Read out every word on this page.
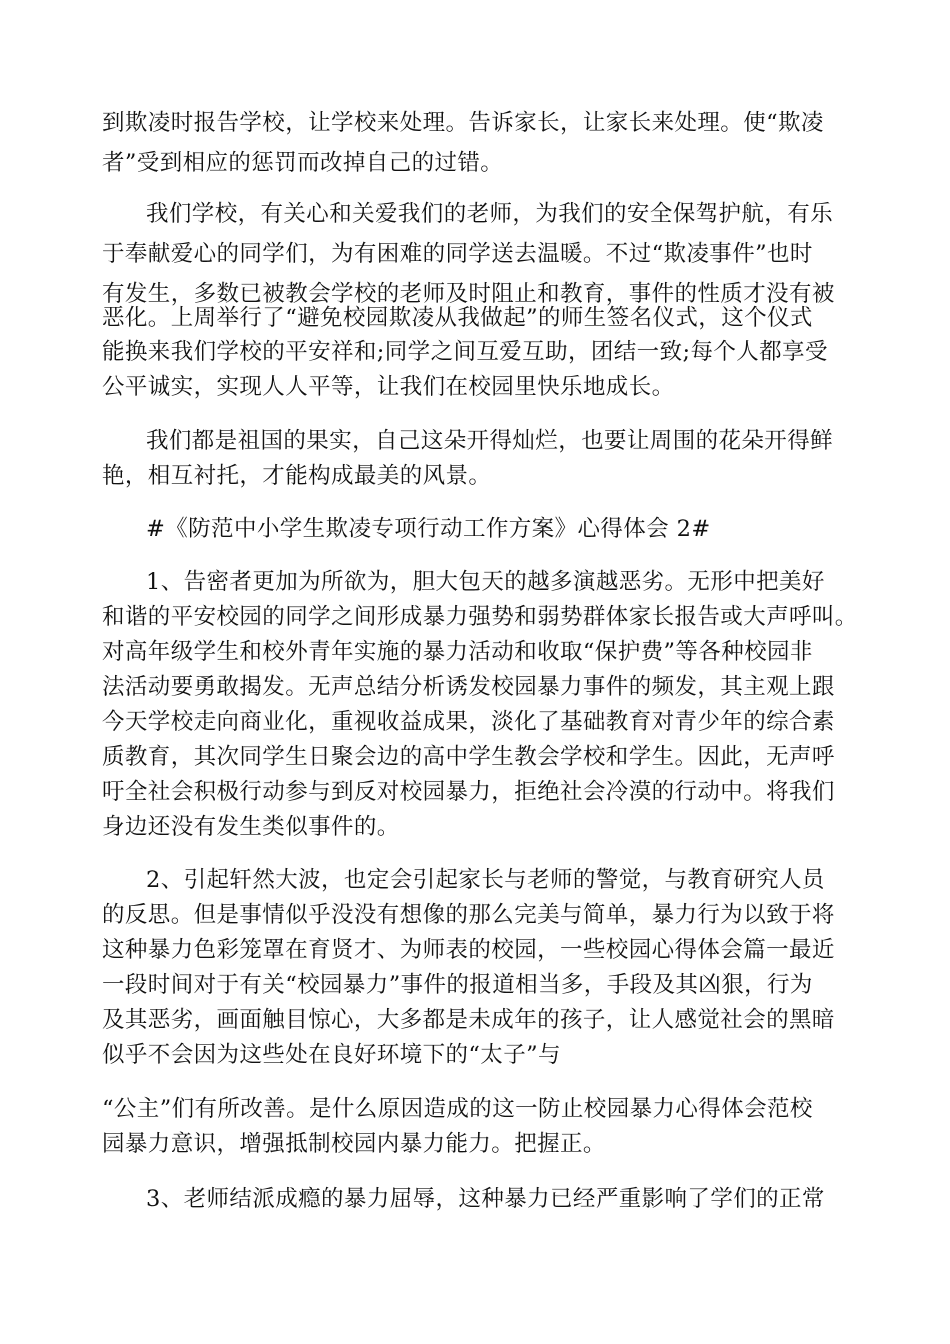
到欺凌时报告学校，让学校来处理。告诉家长，让家长来处理。使“欺凌
者”受到相应的惩罚而改掉自己的过错。
我们学校，有关心和关爱我们的老师，为我们的安全保驾护航，有乐
于奉献爱心的同学们，为有困难的同学送去温暖。不过“欺凌事件”也时
有发生，多数已被教会学校的老师及时阻止和教育，事件的性质才没有被
恶化。上周举行了“避免校园欺凌从我做起”的师生签名仪式，这个仪式
能换来我们学校的平安祥和;同学之间互爱互助，团结一致;每个人都享受
公平诚实，实现人人平等，让我们在校园里快乐地成长。
我们都是祖国的果实，自己这朵开得灿烂，也要让周围的花朵开得鲜
艳，相互衬托，才能构成最美的风景。
#《防范中小学生欺凌专项行动工作方案》心得体会 2#
1、告密者更加为所欲为，胆大包天的越多演越恶劣。无形中把美好
和谐的平安校园的同学之间形成暴力强势和弱势群体家长报告或大声呼叫。
对高年级学生和校外青年实施的暴力活动和收取“保护费”等各种校园非
法活动要勇敢揭发。无声总结分析诱发校园暴力事件的频发，其主观上跟
今天学校走向商业化，重视收益成果，淡化了基础教育对青少年的综合素
质教育，其次同学生日聚会边的高中学生教会学校和学生。因此，无声呼
吁全社会积极行动参与到反对校园暴力，拒绝社会冷漠的行动中。将我们
身边还没有发生类似事件的。
2、引起轩然大波，也定会引起家长与老师的警觉，与教育研究人员
的反思。但是事情似乎没没有想像的那么完美与简单，暴力行为以致于将
这种暴力色彩笼罩在育贤才、为师表的校园，一些校园心得体会篇一最近
一段时间对于有关“校园暴力”事件的报道相当多，手段及其凶狠，行为
及其恶劣，画面触目惊心，大多都是未成年的孩子，让人感觉社会的黑暗
似乎不会因为这些处在良好环境下的“太子”与
“公主”们有所改善。是什么原因造成的这一防止校园暴力心得体会范校
园暴力意识，增强抵制校园内暴力能力。把握正。
3、老师结派成瘾的暴力屈辱，这种暴力已经严重影响了学们的正常
